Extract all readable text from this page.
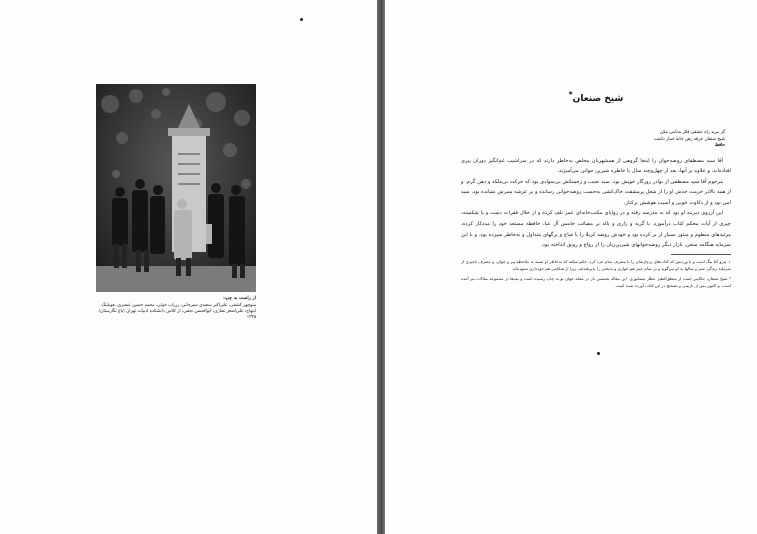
از راست به چپ:
منوچهر کشفی، علی‌اکبر سعیدی سیرجانی، زریاب خوئی، محمد حسین عنصری، هوشنگ ابتهاج، علی‌اصغر غفاری، ابوالحسن نجفی، از کلاس دانشکده ادبیات تهران (باغ نگارستان) ۱۳۳۵
شیخ صنعان*
گر مرید راه عشقی فکر بدنامی مکن
شیخ صنعان خرقه رهن خانهٔ خمار داشت
حافظ

آقا سید مصطفای روضه‌خوان را اینجا گروهی از همشهریان مخلص به‌خاطر دارند که در سراشیب غم‌انگیز دوران پیری افتاده‌اند، و علاوه بر آنها، بعد از چهل‌وچند سال با خاطره شیرین جوانی می‌آمیزند.

مرحوم آقا سید مصطفی از نوادر روزگار خویش بود. سید نجیب و زحمتکش بی‌سوادی بود که حرکت بی‌ملکه و دهن گرم، و از همه بالاتر حرمت جدش او را از شغل پرمشقت خاک‌کشی به‌حسب روضه‌خوانی رسانده و بر عرشه منبرش نشانده بود. سید امی بود و از ذکاوت خوبی و آسیب هوشش برکنار.

این آرزوی دیرینه او بود که به مدرسه رفته و در زوایای مکتب‌خانه‌ای عمر تلف کرده و از خلال فقرات دست و پا شکسته، چیزی از آیات محکم کتاب درآموزد. با گریه و زاری و ناله بر مصائب خامس آل عبا، حافظه مستعد خود را مددکار کرده، مرثیه‌های منظوم و منثور بسیار از بر کرده بود و خودش روضه کربلا را با شاخ و برگهای متداول و به‌خاطر سپرده بود. و با این سرمایه هنگامه سخن، بازار دیگر روضه‌خوانهای شیرین‌زبان را از رواج و رونق انداخته بود.

۱. پیرو آغا بیگ است و یا وردیش که کتاب‌های پرچارشان را با مصرف تمام خرد کرد، حکم میکند که به‌خاطر او بسته به ملاحظه پیر و جوان، و مصرف ناچیزی از سرمایه زندگی عمر و سالها به او می‌گوید و در تمام عمر هم خواری و بدبختی را پذیرفته‌اند، زیرا از شکایتی هم خودداری ننموده‌اند.

* شیخ صنعان، حکایتی است از منطق‌الطیر عطار نیشابوری. این مقاله نخستین بار در مجله جهان نو به چاپ رسیده است و بعدها در مجموعه مقالات نیز آمده است، و اکنون پس از بازبینی و تصحیح در این کتاب آورده شده است.
